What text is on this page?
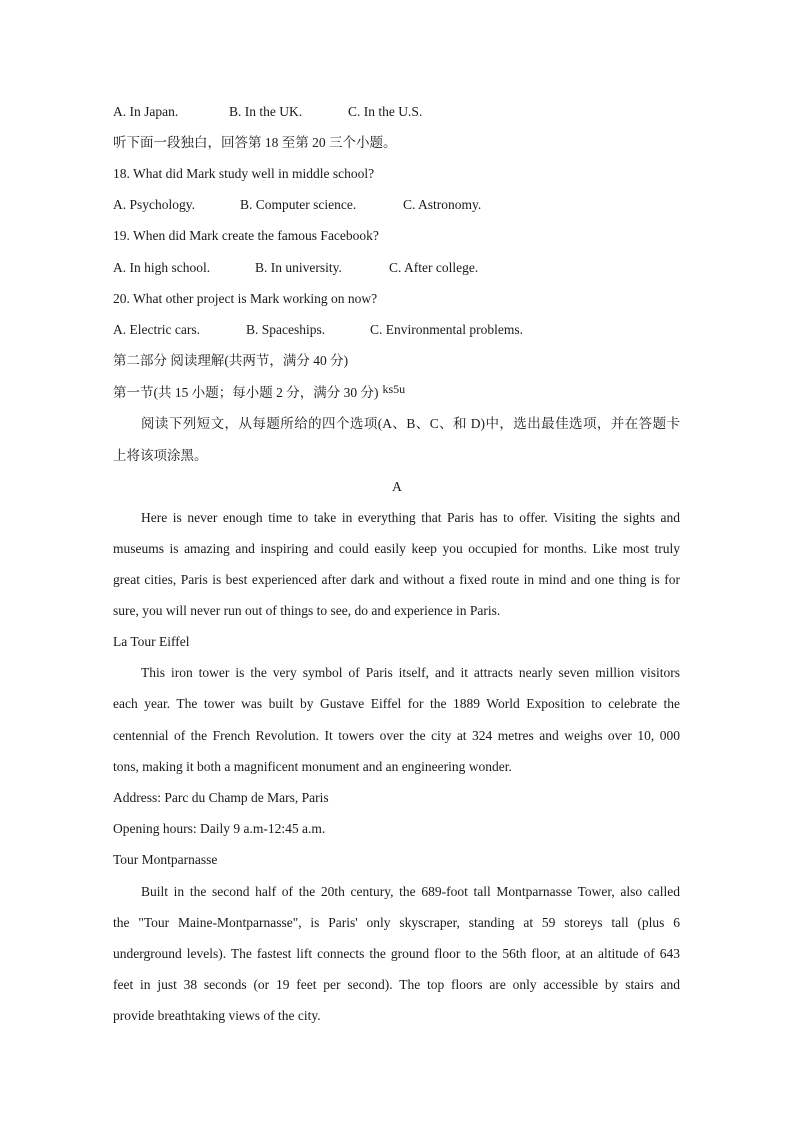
A. In Japan.	B. In the UK.	C. In the U.S.
听下面一段独白，回答第 18 至第 20 三个小题。
18. What did Mark study well in middle school?
A. Psychology.	B. Computer science.	C. Astronomy.
19. When did Mark create the famous Facebook?
A. In high school.	B. In university.	C. After college.
20. What other project is Mark working on now?
A. Electric cars.	B. Spaceships.	C. Environmental problems.
第二部分 阅读理解(共两节，满分 40 分)
第一节(共 15 小题；每小题 2 分，满分 30 分) ks5u
阅读下列短文，从每题所给的四个选项(A、B、C、和 D)中，选出最佳选项，并在答题卡
上将该项涂黑。
A
Here is never enough time to take in everything that Paris has to offer. Visiting the sights and
museums is amazing and inspiring and could easily keep you occupied for months. Like most truly
great cities, Paris is best experienced after dark and without a fixed route in mind and one thing is for
sure, you will never run out of things to see, do and experience in Paris.
La Tour Eiffel
This iron tower is the very symbol of Paris itself, and it attracts nearly seven million visitors
each year. The tower was built by Gustave Eiffel for the 1889 World Exposition to celebrate the
centennial of the French Revolution. It towers over the city at 324 metres and weighs over 10, 000
tons, making it both a magnificent monument and an engineering wonder.
Address: Parc du Champ de Mars, Paris
Opening hours: Daily 9 a.m-12:45 a.m.
Tour Montparnasse
Built in the second half of the 20th century, the 689-foot tall Montparnasse Tower, also called
the "Tour Maine-Montparnasse", is Paris' only skyscraper, standing at 59 storeys tall (plus 6
underground levels). The fastest lift connects the ground floor to the 56th floor, at an altitude of 643
feet in just 38 seconds (or 19 feet per second). The top floors are only accessible by stairs and
provide breathtaking views of the city.
